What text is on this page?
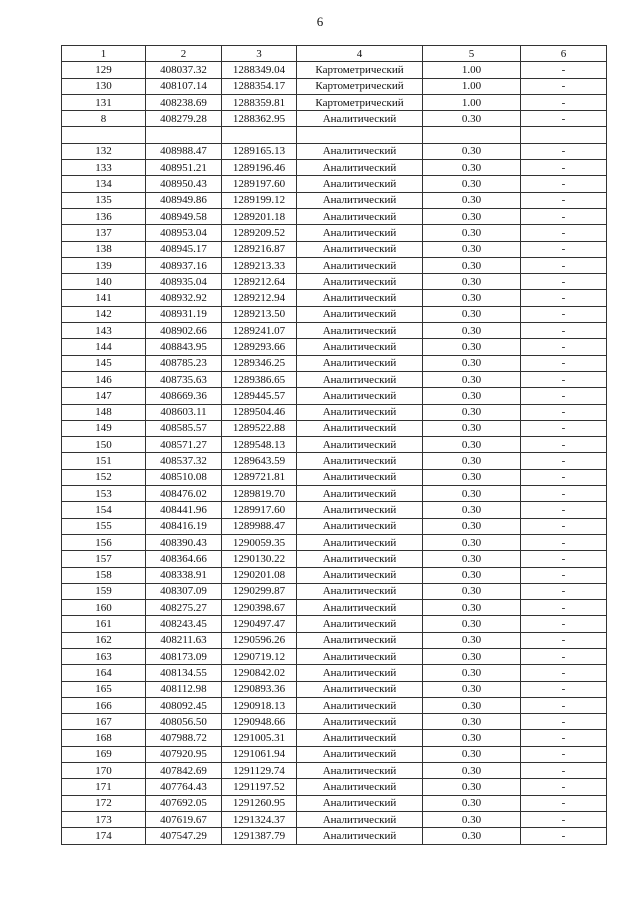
6
1	2	3	4	5	6
129	408037.32	1288349.04	Картометрический	1.00	-
130	408107.14	1288354.17	Картометрический	1.00	-
131	408238.69	1288359.81	Картометрический	1.00	-
8	408279.28	1288362.95	Аналитический	0.30	-

132	408988.47	1289165.13	Аналитический	0.30	-
133	408951.21	1289196.46	Аналитический	0.30	-
134	408950.43	1289197.60	Аналитический	0.30	-
135	408949.86	1289199.12	Аналитический	0.30	-
136	408949.58	1289201.18	Аналитический	0.30	-
137	408953.04	1289209.52	Аналитический	0.30	-
138	408945.17	1289216.87	Аналитический	0.30	-
139	408937.16	1289213.33	Аналитический	0.30	-
140	408935.04	1289212.64	Аналитический	0.30	-
141	408932.92	1289212.94	Аналитический	0.30	-
142	408931.19	1289213.50	Аналитический	0.30	-
143	408902.66	1289241.07	Аналитический	0.30	-
144	408843.95	1289293.66	Аналитический	0.30	-
145	408785.23	1289346.25	Аналитический	0.30	-
146	408735.63	1289386.65	Аналитический	0.30	-
147	408669.36	1289445.57	Аналитический	0.30	-
148	408603.11	1289504.46	Аналитический	0.30	-
149	408585.57	1289522.88	Аналитический	0.30	-
150	408571.27	1289548.13	Аналитический	0.30	-
151	408537.32	1289643.59	Аналитический	0.30	-
152	408510.08	1289721.81	Аналитический	0.30	-
153	408476.02	1289819.70	Аналитический	0.30	-
154	408441.96	1289917.60	Аналитический	0.30	-
155	408416.19	1289988.47	Аналитический	0.30	-
156	408390.43	1290059.35	Аналитический	0.30	-
157	408364.66	1290130.22	Аналитический	0.30	-
158	408338.91	1290201.08	Аналитический	0.30	-
159	408307.09	1290299.87	Аналитический	0.30	-
160	408275.27	1290398.67	Аналитический	0.30	-
161	408243.45	1290497.47	Аналитический	0.30	-
162	408211.63	1290596.26	Аналитический	0.30	-
163	408173.09	1290719.12	Аналитический	0.30	-
164	408134.55	1290842.02	Аналитический	0.30	-
165	408112.98	1290893.36	Аналитический	0.30	-
166	408092.45	1290918.13	Аналитический	0.30	-
167	408056.50	1290948.66	Аналитический	0.30	-
168	407988.72	1291005.31	Аналитический	0.30	-
169	407920.95	1291061.94	Аналитический	0.30	-
170	407842.69	1291129.74	Аналитический	0.30	-
171	407764.43	1291197.52	Аналитический	0.30	-
172	407692.05	1291260.95	Аналитический	0.30	-
173	407619.67	1291324.37	Аналитический	0.30	-
174	407547.29	1291387.79	Аналитический	0.30	-
